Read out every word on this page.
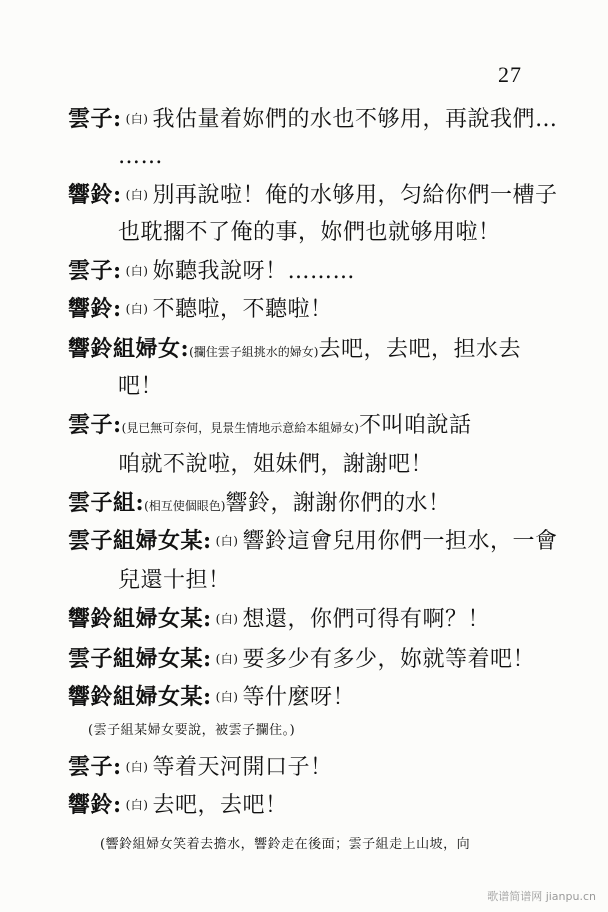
27
雲子: (白) 我估量着妳們的水也不够用，再說我們…
……
響鈴: (白) 別再說啦！俺的水够用，匀給你們一槽子
也耽擱不了俺的事，妳們也就够用啦！
雲子: (白) 妳聽我說呀！………
響鈴: (白) 不聽啦，不聽啦！
響鈴組婦女:(攔住雲子組挑水的婦女)去吧，去吧，担水去
吧！
雲子:(見已無可奈何，見景生情地示意給本組婦女)不叫咱說話
咱就不說啦，姐妹們，謝謝吧！
雲子組:(相互使個眼色)響鈴，謝謝你們的水！
雲子組婦女某: (白) 響鈴這會兒用你們一担水，一會
兒還十担！
響鈴組婦女某: (白) 想還，你們可得有啊？！
雲子組婦女某: (白) 要多少有多少，妳就等着吧！
響鈴組婦女某: (白) 等什麼呀！
(雲子組某婦女要說，被雲子攔住。)
雲子: (白) 等着天河開口子！
響鈴: (白) 去吧，去吧！
(響鈴組婦女笑着去擔水，響鈴走在後面；雲子組走上山坡，向
歌谱简谱网 jianpu.cn
